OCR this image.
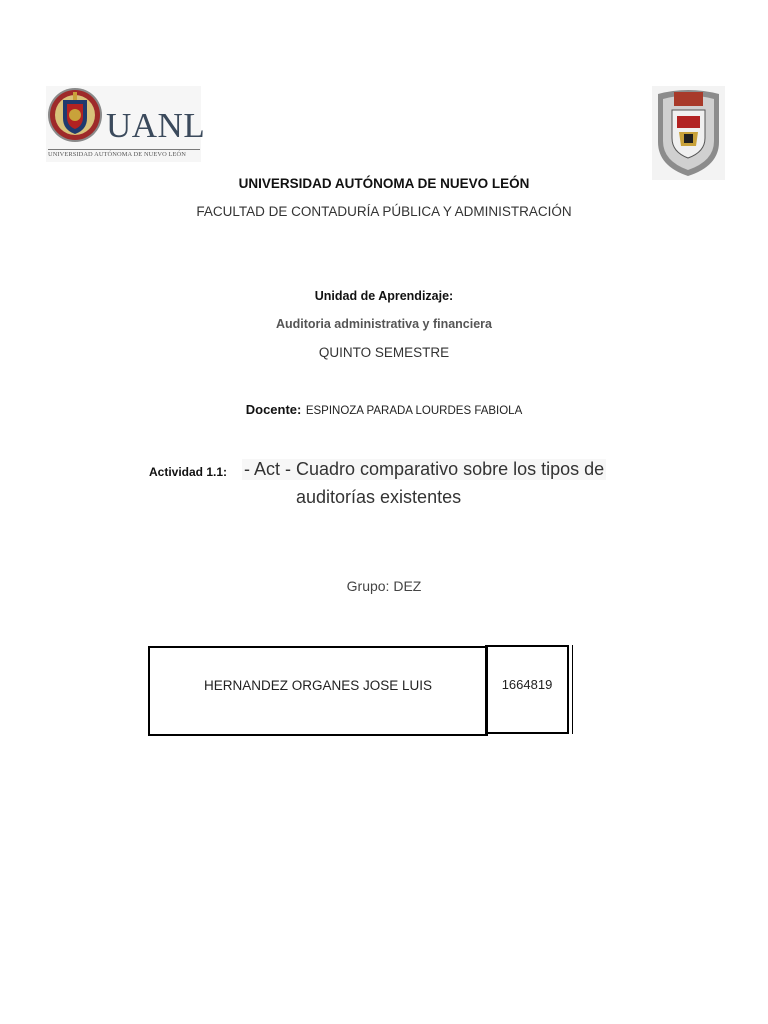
UANL
UNIVERSIDAD AUTÓNOMA DE NUEVO LEÓN
UNIVERSIDAD AUTÓNOMA DE NUEVO LEÓN
FACULTAD DE CONTADURÍA PÚBLICA Y ADMINISTRACIÓN
Unidad de Aprendizaje:
Auditoria administrativa y financiera
QUINTO SEMESTRE
Docente: ESPINOZA PARADA LOURDES FABIOLA
Actividad 1.1: - Act - Cuadro comparativo sobre los tipos de
auditorías existentes
Grupo: DEZ
HERNANDEZ ORGANES JOSE LUIS	1664819
